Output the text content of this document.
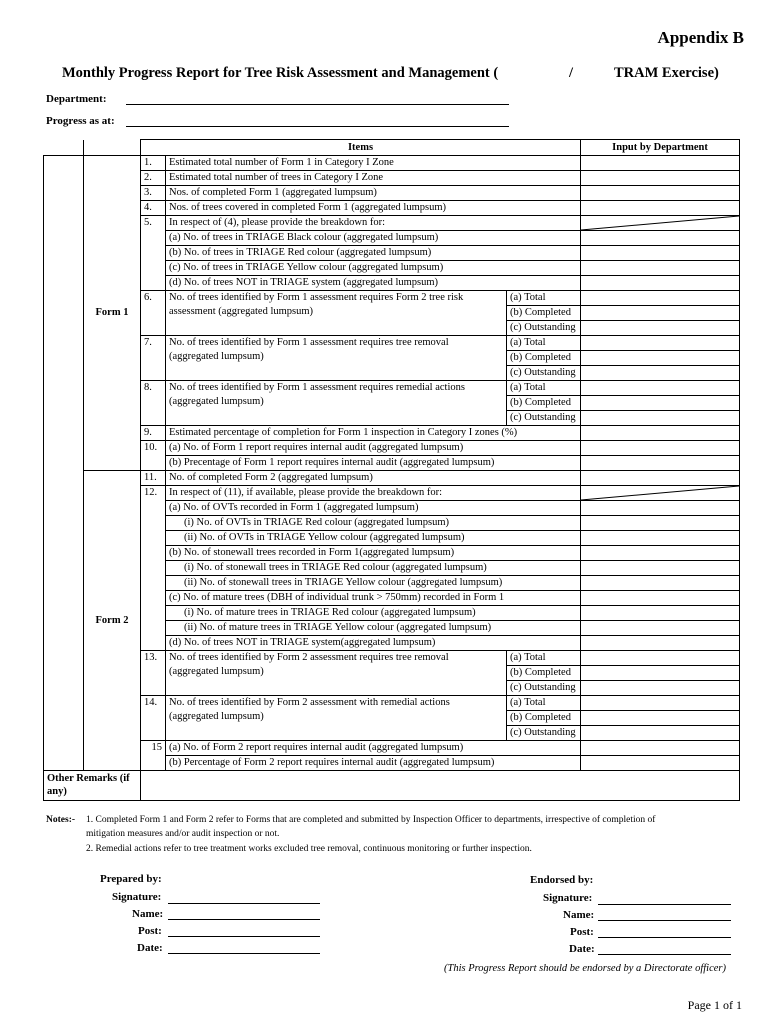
Appendix B
Monthly Progress Report for Tree Risk Assessment and Management (	/	TRAM Exercise)
Department:
Progress as at:
		Items			Input by Department
	Form 1	1.	Estimated total number of Form 1 in Category I Zone		
		2.	Estimated total number of trees in Category I Zone		
		3.	Nos. of completed Form 1 (aggregated lumpsum)		
		4.	Nos. of trees covered in completed Form 1 (aggregated lumpsum)		
		5.	In respect of (4), please provide the breakdown for:	

			(a) No. of trees in TRIAGE Black colour (aggregated lumpsum)		
			(b) No. of trees in TRIAGE Red colour (aggregated lumpsum)		
			(c) No. of trees in TRIAGE Yellow colour (aggregated lumpsum)		
			(d) No. of trees NOT in TRIAGE system (aggregated lumpsum)		
		6.	No. of trees identified by Form 1 assessment requires Form 2 tree risk
assessment (aggregated lumpsum)	(a) Total	
				(b) Completed	
				(c) Outstanding	
		7.	No. of trees identified by Form 1 assessment requires tree removal
(aggregated lumpsum)	(a) Total	
				(b) Completed	
				(c) Outstanding	
		8.	No. of trees identified by Form 1 assessment requires remedial actions
(aggregated lumpsum)	(a) Total	
				(b) Completed	
				(c) Outstanding	
		9.	Estimated percentage of completion for Form 1 inspection in Category I zones (%)		
		10.	(a) No. of Form 1 report requires internal audit (aggregated lumpsum)		
			(b) Precentage of Form 1 report requires internal audit (aggregated lumpsum)		
	Form 2	11.	No. of completed Form 2 (aggregated lumpsum)		
		12.	In respect of (11), if available, please provide the breakdown for:	

			(a) No. of OVTs recorded in Form 1 (aggregated lumpsum)		
			(i) No. of OVTs in TRIAGE Red colour (aggregated lumpsum)		
			(ii) No. of OVTs in TRIAGE Yellow colour (aggregated lumpsum)		
			(b) No. of stonewall trees recorded in Form 1(aggregated lumpsum)		
			(i) No. of stonewall trees in TRIAGE Red colour (aggregated lumpsum)		
			(ii) No. of stonewall trees in TRIAGE Yellow colour (aggregated lumpsum)		
			(c) No. of mature trees (DBH of individual trunk > 750mm) recorded in Form 1		
			(i) No. of mature trees in TRIAGE Red colour (aggregated lumpsum)		
			(ii) No. of mature trees in TRIAGE Yellow colour (aggregated lumpsum)		
			(d) No. of trees NOT in TRIAGE system(aggregated lumpsum)		
		13.	No. of trees identified by Form 2 assessment requires tree removal
(aggregated lumpsum)	(a) Total	
				(b) Completed	
				(c) Outstanding	
		14.	No. of trees identified by Form 2 assessment with remedial actions
(aggregated lumpsum)	(a) Total	
				(b) Completed	
				(c) Outstanding	
		15	(a) No. of Form 2 report requires internal audit (aggregated lumpsum)		
			(b) Percentage of Form 2 report requires internal audit (aggregated lumpsum)		
Other Remarks (if any)					
Notes:- 1. Completed Form 1 and Form 2 refer to Forms that are completed and submitted by Inspection Officer to departments, irrespective of completion of
mitigation measures and/or audit inspection or not.
2. Remedial actions refer to tree treatment works excluded tree removal, continuous monitoring or further inspection.
Prepared by:
Signature:
Name:
Post:
Date:
Endorsed by:
Signature:
Name:
Post:
Date:
(This Progress Report should be endorsed by a Directorate officer)
Page 1 of 1
